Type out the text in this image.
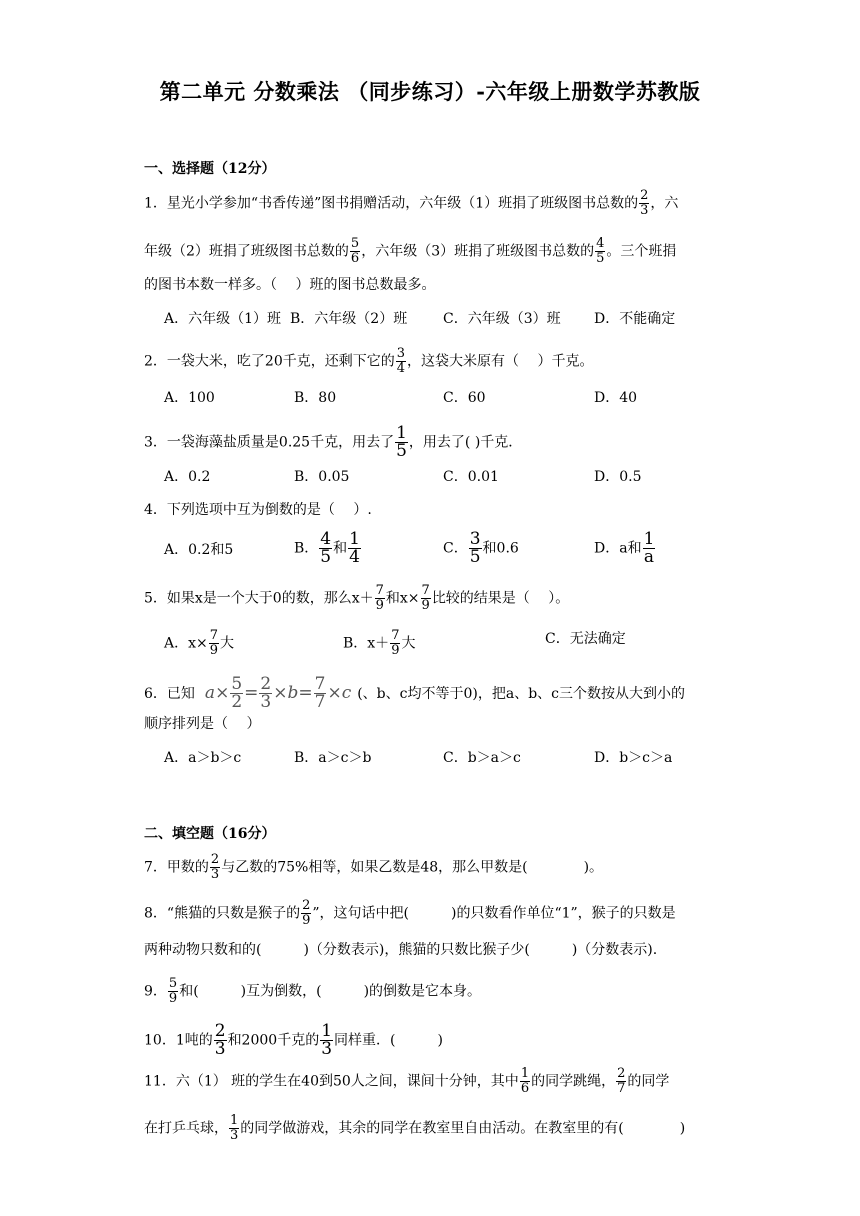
第二单元 分数乘法 （同步练习）-六年级上册数学苏教版
一、选择题（12分）
1．星光小学参加“书香传递”图书捐赠活动，六年级（1）班捐了班级图书总数的 $\frac{2}{3}$ ，六
年级（2）班捐了班级图书总数的 $\frac{5}{6}$ ，六年级（3）班捐了班级图书总数的 $\frac{4}{5}$ 。三个班捐
的图书本数一样多。（　 ）班的图书总数最多。
A．六年级（1）班 B．六年级（2）班	C．六年级（3）班 D．不能确定
2．一袋大米，吃了20千克，还剩下它的 $\frac{3}{4}$ ，这袋大米原有（　 ）千克。
A．100	B．80	C．60	D．40
3．一袋海藻盐质量是0.25千克，用去了 $\frac{1}{5}$ ，用去了( )千克．
A．0.2	B．0.05	C．0.01	D．0.5
4．下列选项中互为倒数的是（　 ）.
A．0.2和5	B． $\frac{4}{5}$ 和 $\frac{1}{4}$	C． $\frac{3}{5}$ 和0.6	D．a和 $\frac{1}{a}$
5．如果x是一个大于0的数，那么$x+ \frac{7}{9}$ 和$x\times \frac{7}{9}$ 比较的结果是（　 ）。
A．$x\times \frac{7}{9}$ 大	B．$x+ \frac{7}{9}$ 大	C．无法确定
6．已知 $a\times \frac{5}{2} = \frac{2}{3} \times b= \frac{7}{7} \times c$ (、b、c均不等于0)，把a、b、c三个数按从大到小的
顺序排列是（　 ）
A．a＞b＞c	B．a＞c＞b	C．b＞a＞c	D．b＞c＞a
二、填空题（16分）
7．甲数的 $\frac{2}{3}$ 与乙数的75%相等，如果乙数是48，那么甲数是(　　　　)。
8．“熊猫的只数是猴子的 $\frac{2}{9}$ ”，这句话中把(　　　)的只数看作单位“1”，猴子的只数是
两种动物只数和的(　　　)（分数表示)，熊猫的只数比猴子少(　　　)（分数表示).
9． $\frac{5}{9}$ 和(　　　)互为倒数，(　　　)的倒数是它本身。
10．1吨的 $\frac{2}{3}$ 和2000千克的 $\frac{1}{3}$ 同样重．(　　　)
11．六（1） 班的学生在40到50人之间，课间十分钟，其中 $\frac{1}{6}$ 的同学跳绳， $\frac{2}{7}$ 的同学
在打乒乓球， $\frac{1}{3}$ 的同学做游戏，其余的同学在教室里自由活动。在教室里的有(　　　　)
